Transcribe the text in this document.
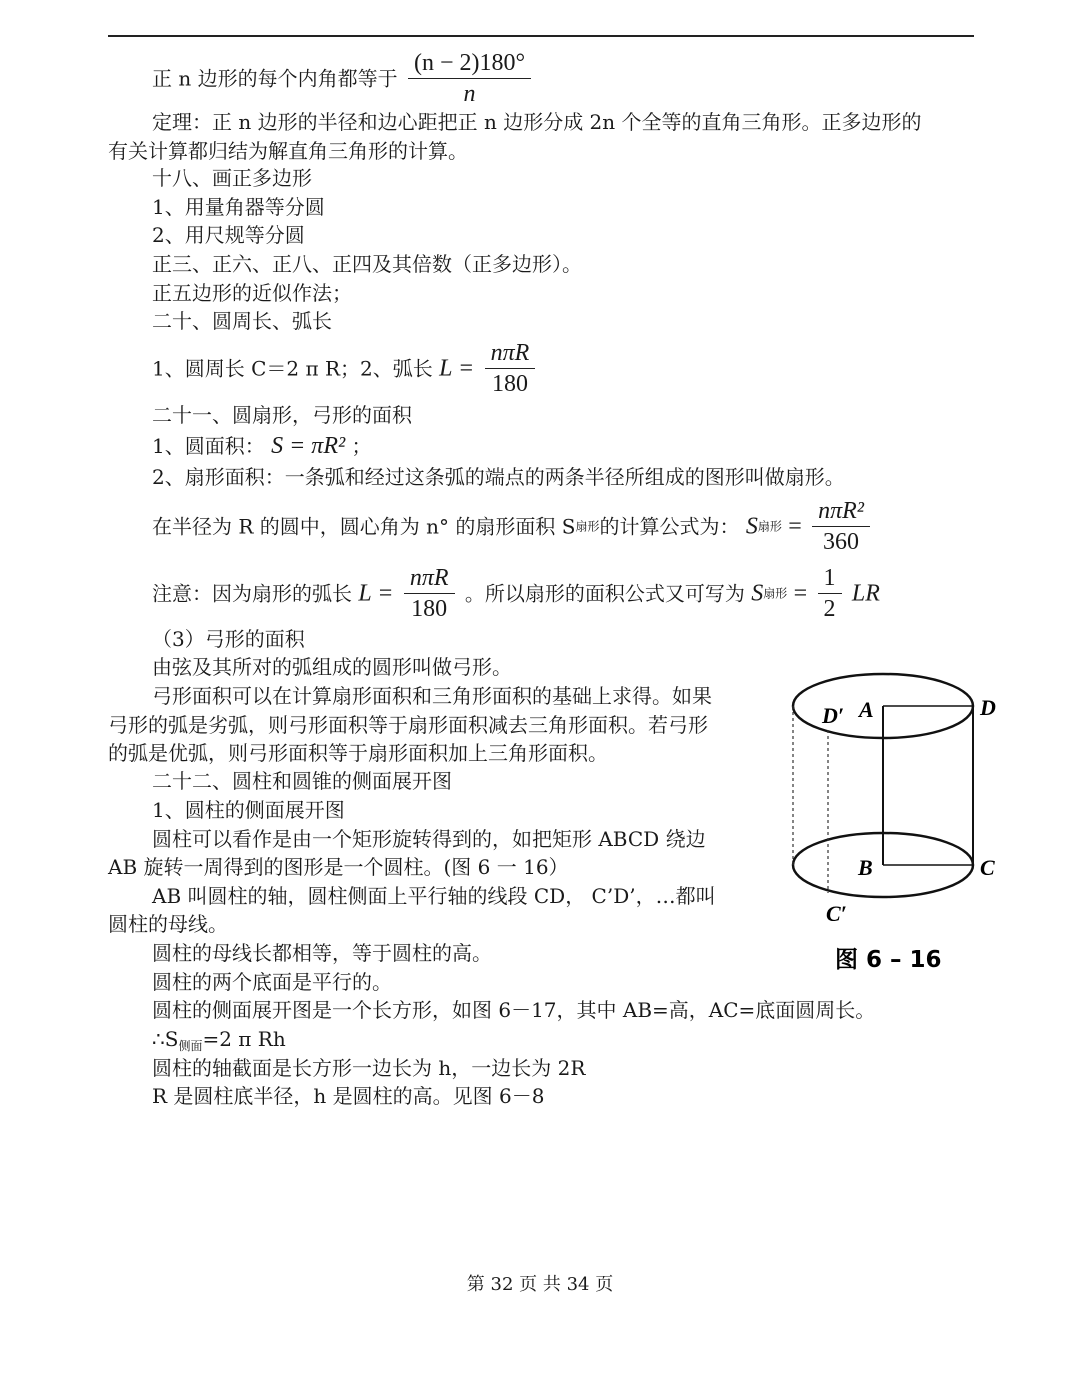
正 n 边形的每个内角都等于 $\frac{(n - 2)180^\circ}{n}$
定理：正 n 边形的半径和边心距把正 n 边形分成 2n 个全等的直角三角形。正多边形的
有关计算都归结为解直角三角形的计算。
十八、画正多边形
1、用量角器等分圆
2、用尺规等分圆
正三、正六、正八、正四及其倍数（正多边形）。
正五边形的近似作法；
二十、圆周长、弧长
1、圆周长 C＝2 π R；2、弧长 $L = \frac{\text{nπR}}{180}$
二十一、圆扇形，弓形的面积
1、圆面积： S = πR² ；
2、扇形面积：一条弧和经过这条弧的端点的两条半径所组成的图形叫做扇形。
在半径为 R 的圆中，圆心角为 n° 的扇形面积 S扇形的计算公式为： S扇形 = $\frac{\text{nπR²}}{360}$
注意：因为扇形的弧长 $L = \frac{\text{nπR}}{180}$ 。所以扇形的面积公式又可写为 S扇形 = $\frac{1}{2}$ LR
（3）弓形的面积
由弦及其所对的弧组成的圆形叫做弓形。
弓形面积可以在计算扇形面积和三角形面积的基础上求得。如果
弓形的弧是劣弧，则弓形面积等于扇形面积减去三角形面积。若弓形
的弧是优弧，则弓形面积等于扇形面积加上三角形面积。
二十二、圆柱和圆锥的侧面展开图
1、圆柱的侧面展开图
圆柱可以看作是由一个矩形旋转得到的，如把矩形 ABCD 绕边
AB 旋转一周得到的图形是一个圆柱。(图 6 一 16）
AB 叫圆柱的轴，圆柱侧面上平行轴的线段 CD， C’D’，…都叫
圆柱的母线。
圆柱的母线长都相等，等于圆柱的高。
圆柱的两个底面是平行的。
圆柱的侧面展开图是一个长方形，如图 6－17，其中 AB=高，AC=底面圆周长。
$\therefore S_{侧面}=2$ π Rh
圆柱的轴截面是长方形一边长为 h，一边长为 2R
R 是圆柱底半径，h 是圆柱的高。见图 6－8
D′ A	D
B	C
C′
图 6 – 16
第 32 页 共 34 页
